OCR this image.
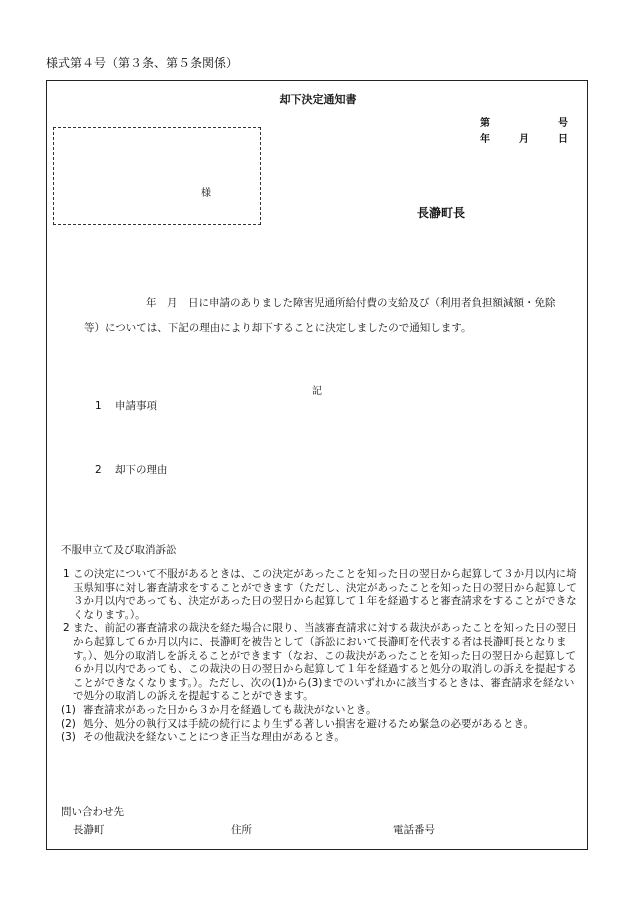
様式第４号（第３条、第５条関係）
却下決定通知書
第	号
年	月	日
様
長瀞町長
年　月　日に申請のありました障害児通所給付費の支給及び（利用者負担額減額・免除等）については、下記の理由により却下することに決定しましたので通知します。
記
1 申請事項
2 却下の理由
不服申立て及び取消訴訟

1 この決定について不服があるときは、この決定があったことを知った日の翌日から起算して３か月以内に埼玉県知事に対し審査請求をすることができます（ただし、決定があったことを知った日の翌日から起算して３か月以内であっても、決定があった日の翌日から起算して１年を経過すると審査請求をすることができなくなります。）。

2 また、前記の審査請求の裁決を経た場合に限り、当該審査請求に対する裁決があったことを知った日の翌日から起算して６か月以内に、長瀞町を被告として（訴訟において長瀞町を代表する者は長瀞町長となります。）、処分の取消しを訴えることができます（なお、この裁決があったことを知った日の翌日から起算して６か月以内であっても、この裁決の日の翌日から起算して１年を経過すると処分の取消しの訴えを提起することができなくなります。）。ただし、次の(1)から(3)までのいずれかに該当するときは、審査請求を経ないで処分の取消しの訴えを提起することができます。

(1) 審査請求があった日から３か月を経過しても裁決がないとき。

(2) 処分、処分の執行又は手続の続行により生ずる著しい損害を避けるため緊急の必要があるとき。

(3) その他裁決を経ないことにつき正当な理由があるとき。

問い合わせ先
長瀞町	住所	電話番号
